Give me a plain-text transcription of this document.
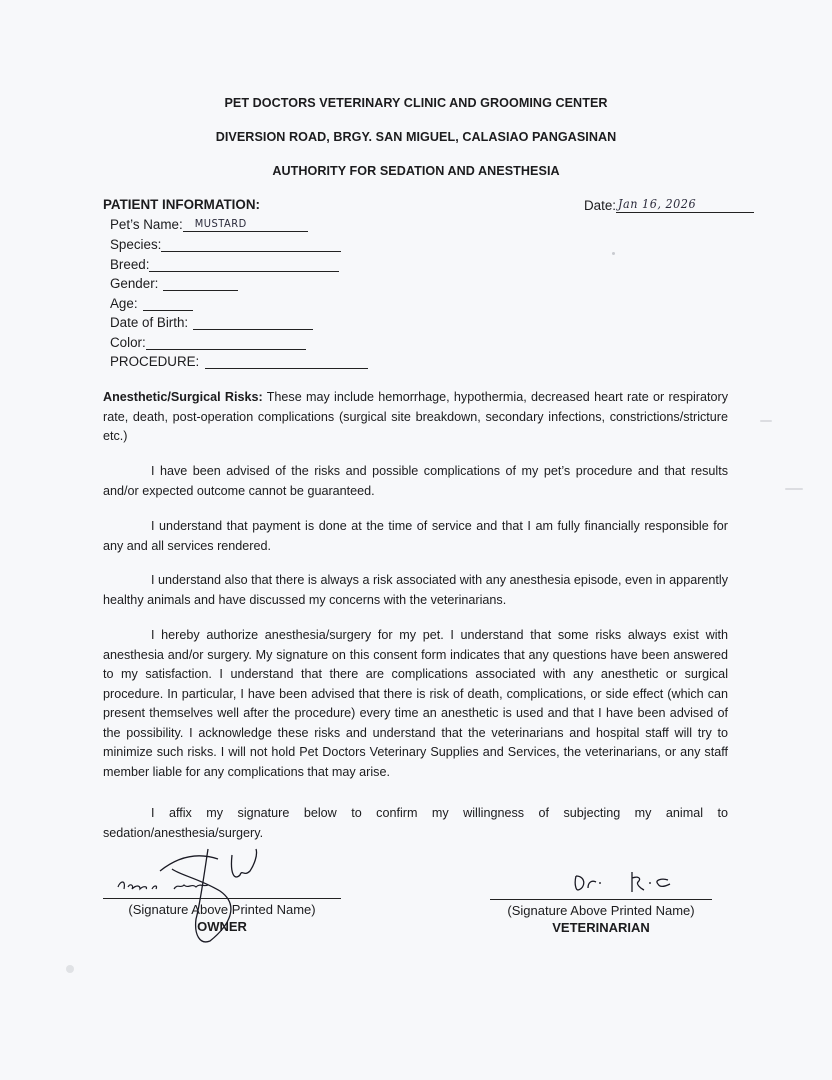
PET DOCTORS VETERINARY CLINIC AND GROOMING CENTER
DIVERSION ROAD, BRGY. SAN MIGUEL, CALASIAO PANGASINAN
AUTHORITY FOR SEDATION AND ANESTHESIA
PATIENT INFORMATION:	Date: Jan 16, 2026
Pet’s Name: MUSTARD
Species:
Breed:
Gender:
Age:
Date of Birth:
Color:
PROCEDURE:
Anesthetic/Surgical Risks: These may include hemorrhage, hypothermia, decreased heart rate or respiratory rate, death, post-operation complications (surgical site breakdown, secondary infections, constrictions/stricture etc.)
I have been advised of the risks and possible complications of my pet’s procedure and that results and/or expected outcome cannot be guaranteed.
I understand that payment is done at the time of service and that I am fully financially responsible for any and all services rendered.
I understand also that there is always a risk associated with any anesthesia episode, even in apparently healthy animals and have discussed my concerns with the veterinarians.
I hereby authorize anesthesia/surgery for my pet. I understand that some risks always exist with anesthesia and/or surgery. My signature on this consent form indicates that any questions have been answered to my satisfaction. I understand that there are complications associated with any anesthetic or surgical procedure. In particular, I have been advised that there is risk of death, complications, or side effect (which can present themselves well after the procedure) every time an anesthetic is used and that I have been advised of the possibility. I acknowledge these risks and understand that the veterinarians and hospital staff will try to minimize such risks. I will not hold Pet Doctors Veterinary Supplies and Services, the veterinarians, or any staff member liable for any complications that may arise.
I affix my signature below to confirm my willingness of subjecting my animal to sedation/anesthesia/surgery.
(Signature Above Printed Name)
OWNER
(Signature Above Printed Name)
VETERINARIAN
